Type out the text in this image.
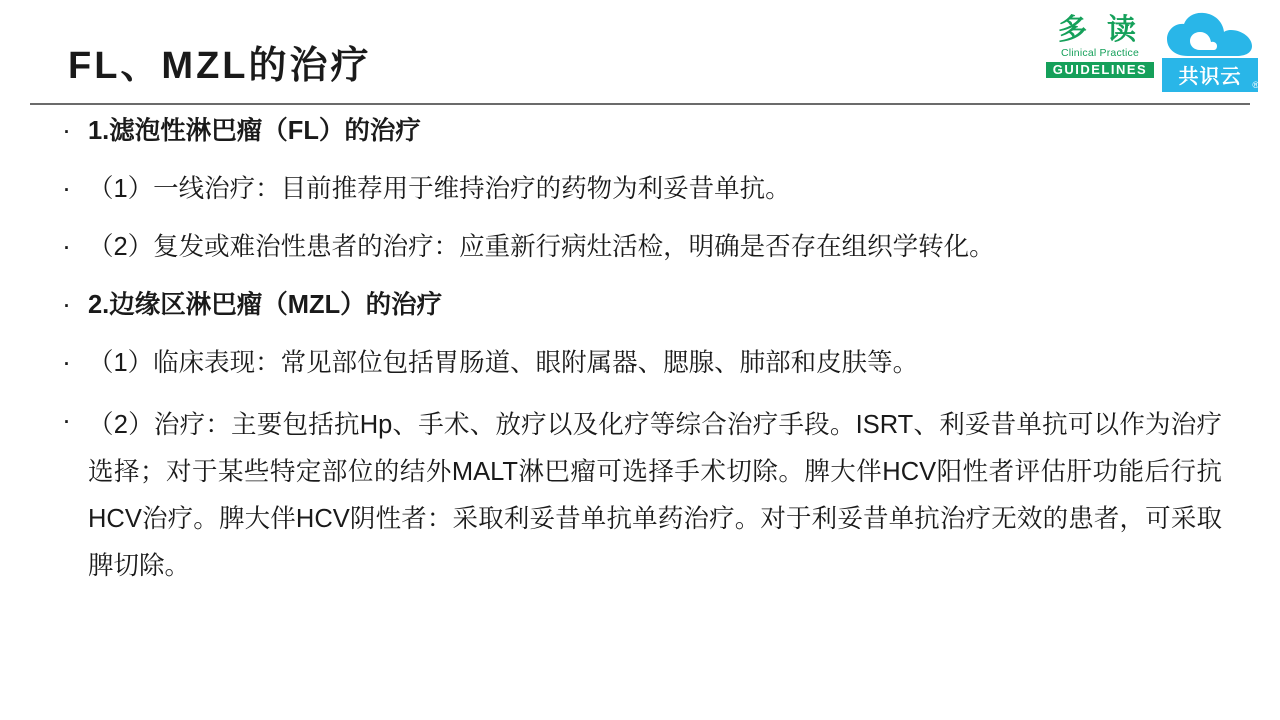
FL、MZL的治疗
多 读
Clinical Practice
GUIDELINES	共识云	®
· 1.滤泡性淋巴瘤（FL）的治疗
· （1）一线治疗：目前推荐用于维持治疗的药物为利妥昔单抗。
· （2）复发或难治性患者的治疗：应重新行病灶活检，明确是否存在组织学转化。
· 2.边缘区淋巴瘤（MZL）的治疗
· （1）临床表现：常见部位包括胃肠道、眼附属器、腮腺、肺部和皮肤等。
· （2）治疗：主要包括抗Hp、手术、放疗以及化疗等综合治疗手段。ISRT、利妥昔单抗可以作为治疗选择；对于某些特定部位的结外MALT淋巴瘤可选择手术切除。脾大伴HCV阳性者评估肝功能后行抗HCV治疗。脾大伴HCV阴性者：采取利妥昔单抗单药治疗。对于利妥昔单抗治疗无效的患者，可采取脾切除。
